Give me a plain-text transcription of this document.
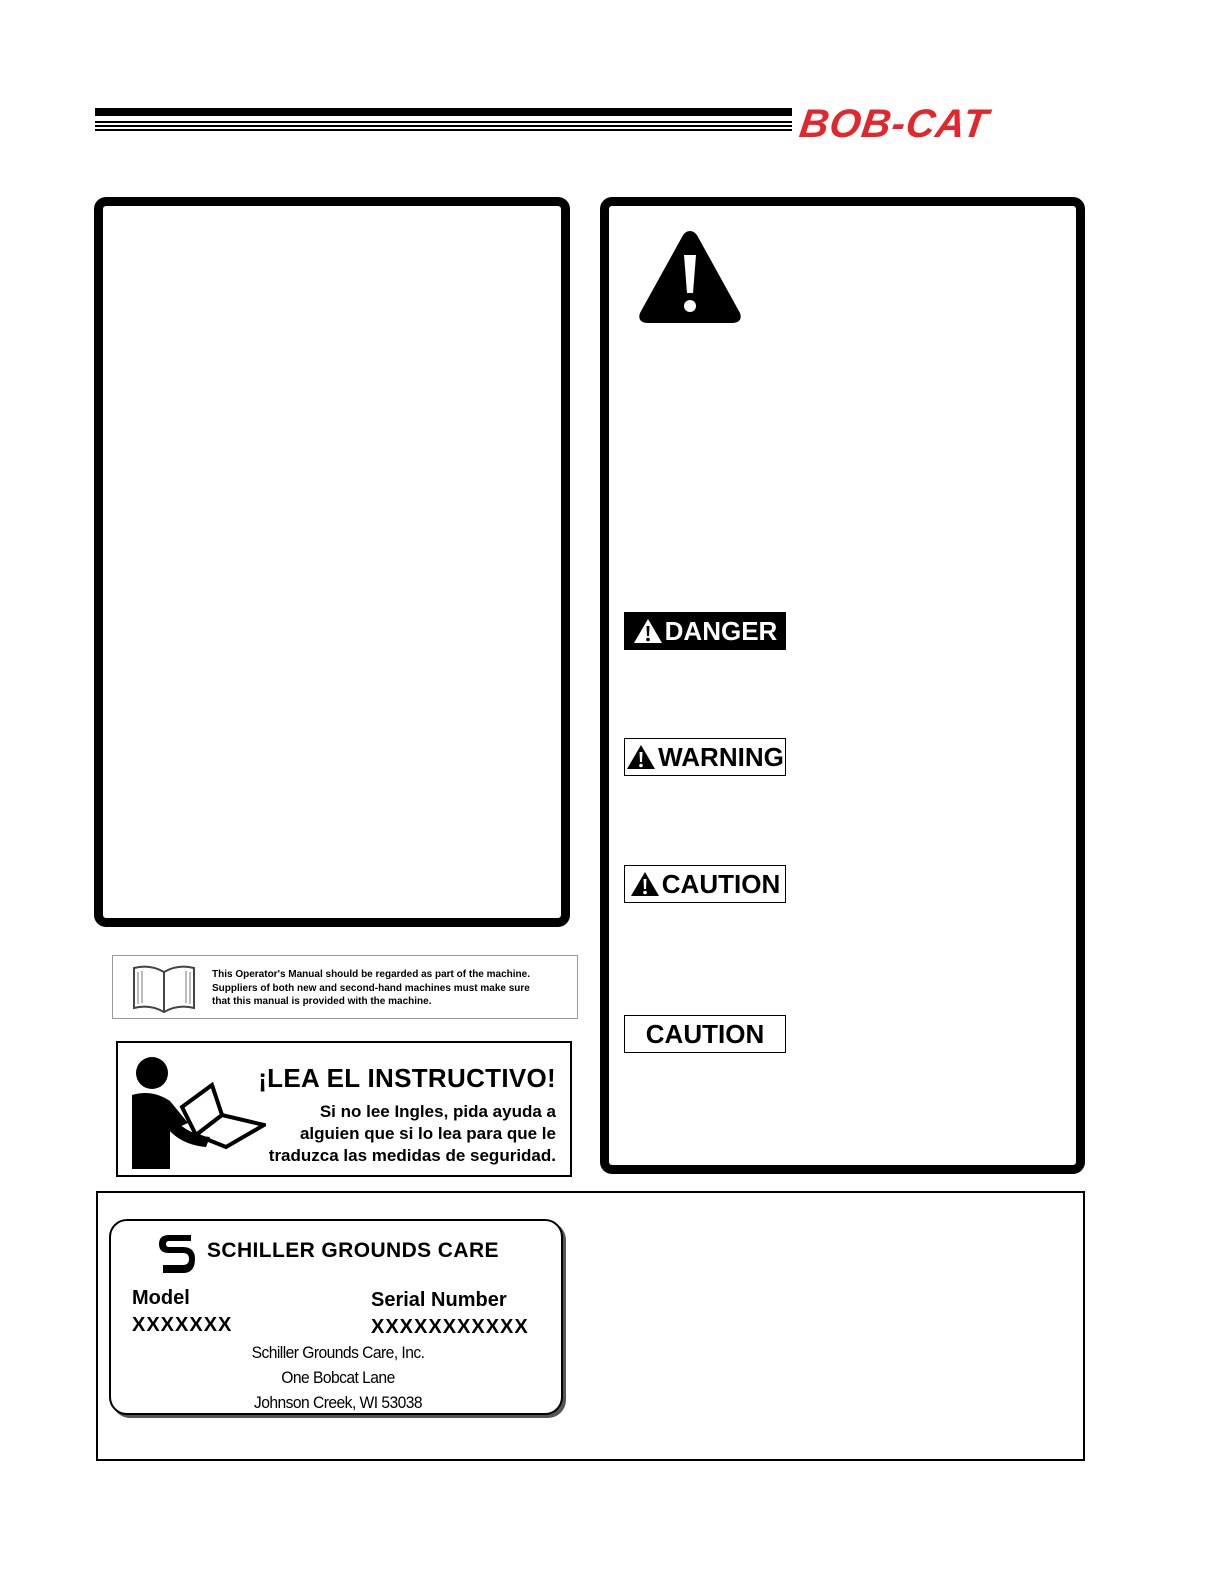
BOB-CAT
DANGER
WARNING
CAUTION
CAUTION
This Operator's Manual should be regarded as part of the machine.
Suppliers of both new and second-hand machines must make sure
that this manual is provided with the machine.
¡LEA EL INSTRUCTIVO!
Si no lee Ingles, pida ayuda a
alguien que si lo lea para que le
traduzca las medidas de seguridad.
SCHILLER GROUNDS CARE
Model
XXXXXXX
Serial Number
XXXXXXXXXXX
Schiller Grounds Care, Inc.
One Bobcat Lane
Johnson Creek, WI 53038
